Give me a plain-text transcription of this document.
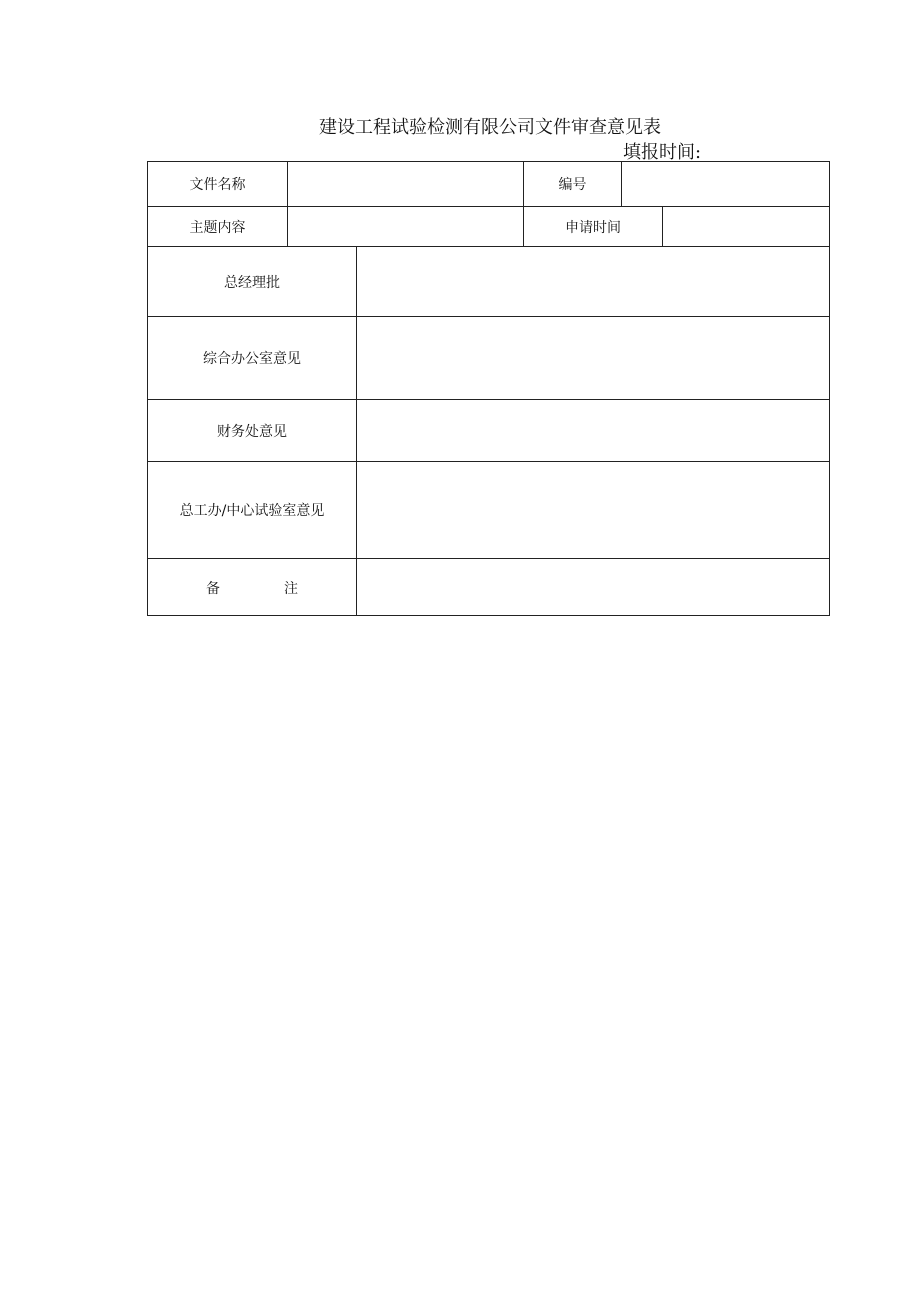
建设工程试验检测有限公司文件审查意见表
填报时间:
文件名称	编号
主题内容	申请时间
总经理批
综合办公室意见
财务处意见
总工办/中心试验室意见
备	注
